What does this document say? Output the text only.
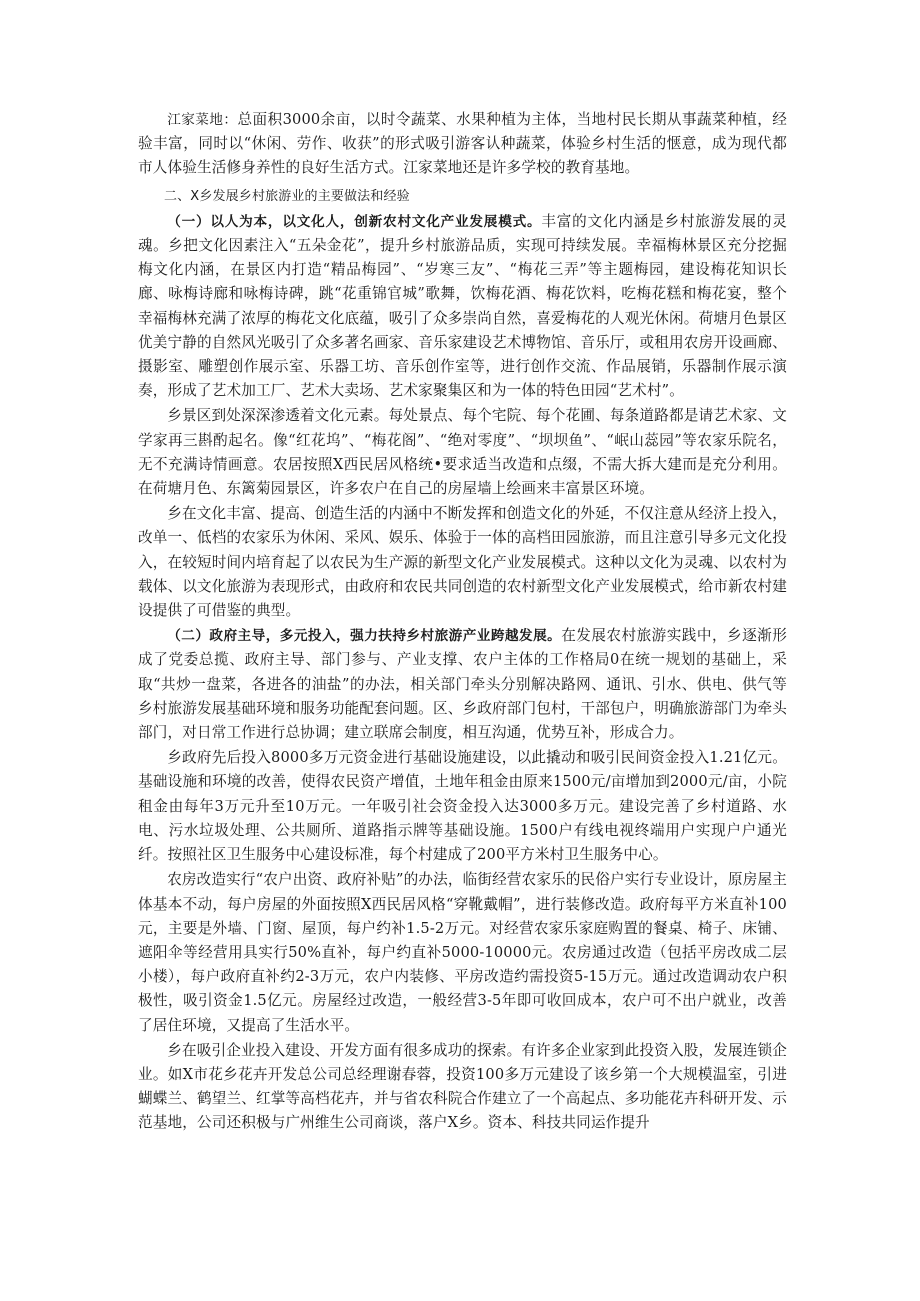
江家菜地：总面积3000余亩，以时令蔬菜、水果种植为主体，当地村民长期从事蔬菜种植，经验丰富，同时以“休闲、劳作、收获”的形式吸引游客认种蔬菜，体验乡村生活的惬意，成为现代都市人体验生活修身养性的良好生活方式。江家菜地还是许多学校的教育基地。

二、X乡发展乡村旅游业的主要做法和经验

（一）以人为本，以文化人，创新农村文化产业发展模式。丰富的文化内涵是乡村旅游发展的灵魂。乡把文化因素注入“五朵金花”，提升乡村旅游品质，实现可持续发展。幸福梅林景区充分挖掘梅文化内涵，在景区内打造“精品梅园”、“岁寒三友”、“梅花三弄”等主题梅园，建设梅花知识长廊、咏梅诗廊和咏梅诗碑，跳“花重锦官城”歌舞，饮梅花酒、梅花饮料，吃梅花糕和梅花宴，整个幸福梅林充满了浓厚的梅花文化底蕴，吸引了众多崇尚自然，喜爱梅花的人观光休闲。荷塘月色景区优美宁静的自然风光吸引了众多著名画家、音乐家建设艺术博物馆、音乐厅，或租用农房开设画廊、摄影室、雕塑创作展示室、乐器工坊、音乐创作室等，进行创作交流、作品展销，乐器制作展示演奏，形成了艺术加工厂、艺术大卖场、艺术家聚集区和为一体的特色田园“艺术村”。

乡景区到处深深渗透着文化元素。每处景点、每个宅院、每个花圃、每条道路都是请艺术家、文学家再三斟酌起名。像“红花坞”、“梅花阁”、“绝对零度”、“坝坝鱼”、“岷山蕊园”等农家乐院名，无不充满诗情画意。农居按照X西民居风格统•要求适当改造和点缀，不需大拆大建而是充分利用。在荷塘月色、东篱菊园景区，许多农户在自己的房屋墙上绘画来丰富景区环境。

乡在文化丰富、提高、创造生活的内涵中不断发挥和创造文化的外延，不仅注意从经济上投入，改单一、低档的农家乐为休闲、采风、娱乐、体验于一体的高档田园旅游，而且注意引导多元文化投入，在较短时间内培育起了以农民为生产源的新型文化产业发展模式。这种以文化为灵魂、以农村为载体、以文化旅游为表现形式，由政府和农民共同创造的农村新型文化产业发展模式，给市新农村建设提供了可借鉴的典型。

（二）政府主导，多元投入，强力扶持乡村旅游产业跨越发展。在发展农村旅游实践中，乡逐渐形成了党委总揽、政府主导、部门参与、产业支撑、农户主体的工作格局0在统一规划的基础上，采取“共炒一盘菜，各进各的油盐”的办法，相关部门牵头分别解决路网、通讯、引水、供电、供气等乡村旅游发展基础环境和服务功能配套问题。区、乡政府部门包村，干部包户，明确旅游部门为牵头部门，对日常工作进行总协调；建立联席会制度，相互沟通，优势互补，形成合力。

乡政府先后投入8000多万元资金进行基础设施建设，以此撬动和吸引民间资金投入1.21亿元。基础设施和环境的改善，使得农民资产增值，土地年租金由原来1500元/亩增加到2000元/亩，小院租金由每年3万元升至10万元。一年吸引社会资金投入达3000多万元。建设完善了乡村道路、水电、污水垃圾处理、公共厕所、道路指示牌等基础设施。1500户有线电视终端用户实现户户通光纤。按照社区卫生服务中心建设标准，每个村建成了200平方米村卫生服务中心。

农房改造实行“农户出资、政府补贴”的办法，临街经营农家乐的民俗户实行专业设计，原房屋主体基本不动，每户房屋的外面按照X西民居风格“穿靴戴帽”，进行装修改造。政府每平方米直补100元，主要是外墙、门窗、屋顶，每户约补1.5-2万元。对经营农家乐家庭购置的餐桌、椅子、床铺、遮阳伞等经营用具实行50%直补，每户约直补5000-10000元。农房通过改造（包括平房改成二层小楼），每户政府直补约2-3万元，农户内装修、平房改造约需投资5-15万元。通过改造调动农户积极性，吸引资金1.5亿元。房屋经过改造，一般经营3-5年即可收回成本，农户可不出户就业，改善了居住环境，又提高了生活水平。

乡在吸引企业投入建设、开发方面有很多成功的探索。有许多企业家到此投资入股，发展连锁企业。如X市花乡花卉开发总公司总经理谢春蓉，投资100多万元建设了该乡第一个大规模温室，引进蝴蝶兰、鹤望兰、红掌等高档花卉，并与省农科院合作建立了一个高起点、多功能花卉科研开发、示范基地，公司还积极与广州维生公司商谈，落户X乡。资本、科技共同运作提升
